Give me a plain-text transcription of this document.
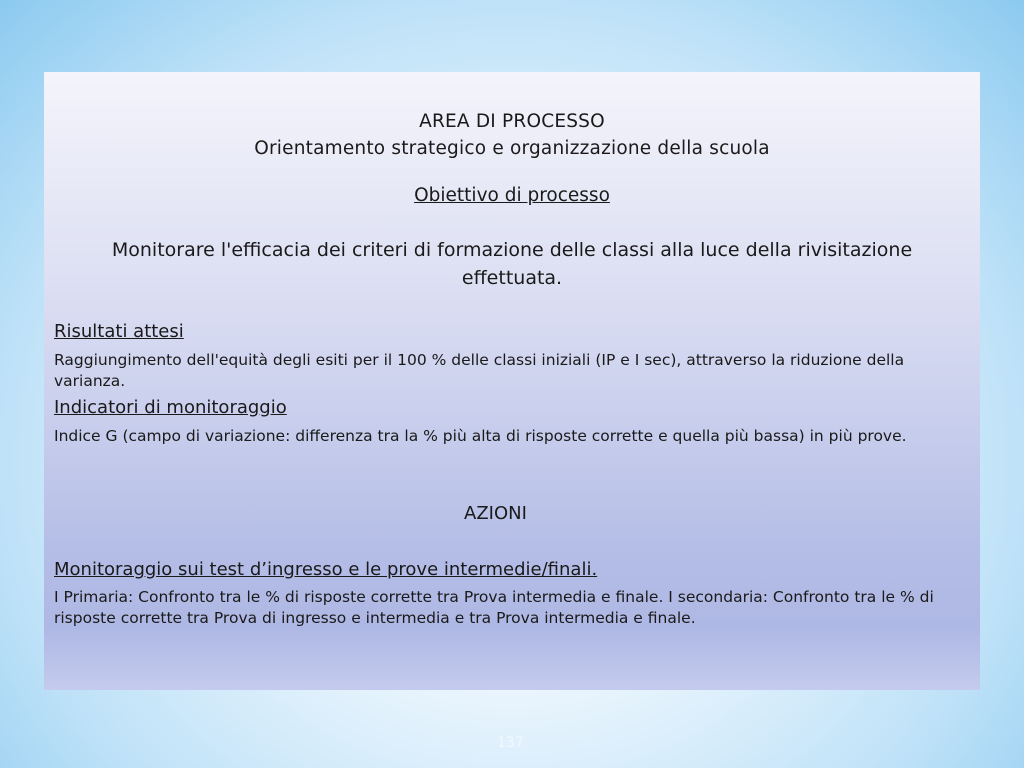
AREA DI PROCESSO
Orientamento strategico e organizzazione della scuola
Obiettivo di processo
Monitorare l'efficacia dei criteri di formazione delle classi alla luce della rivisitazione effettuata.
Risultati attesi
Raggiungimento dell'equità degli esiti per il 100 % delle classi iniziali (IP e I sec), attraverso la riduzione della varianza.
Indicatori di monitoraggio
Indice G (campo di variazione: differenza tra la % più alta di risposte corrette e quella più bassa) in più prove.
AZIONI
Monitoraggio sui test d’ingresso e le prove intermedie/finali.
I Primaria: Confronto tra le % di risposte corrette tra Prova intermedia e finale. I secondaria: Confronto tra le % di risposte corrette tra Prova di ingresso e intermedia e tra Prova intermedia e finale.
137
